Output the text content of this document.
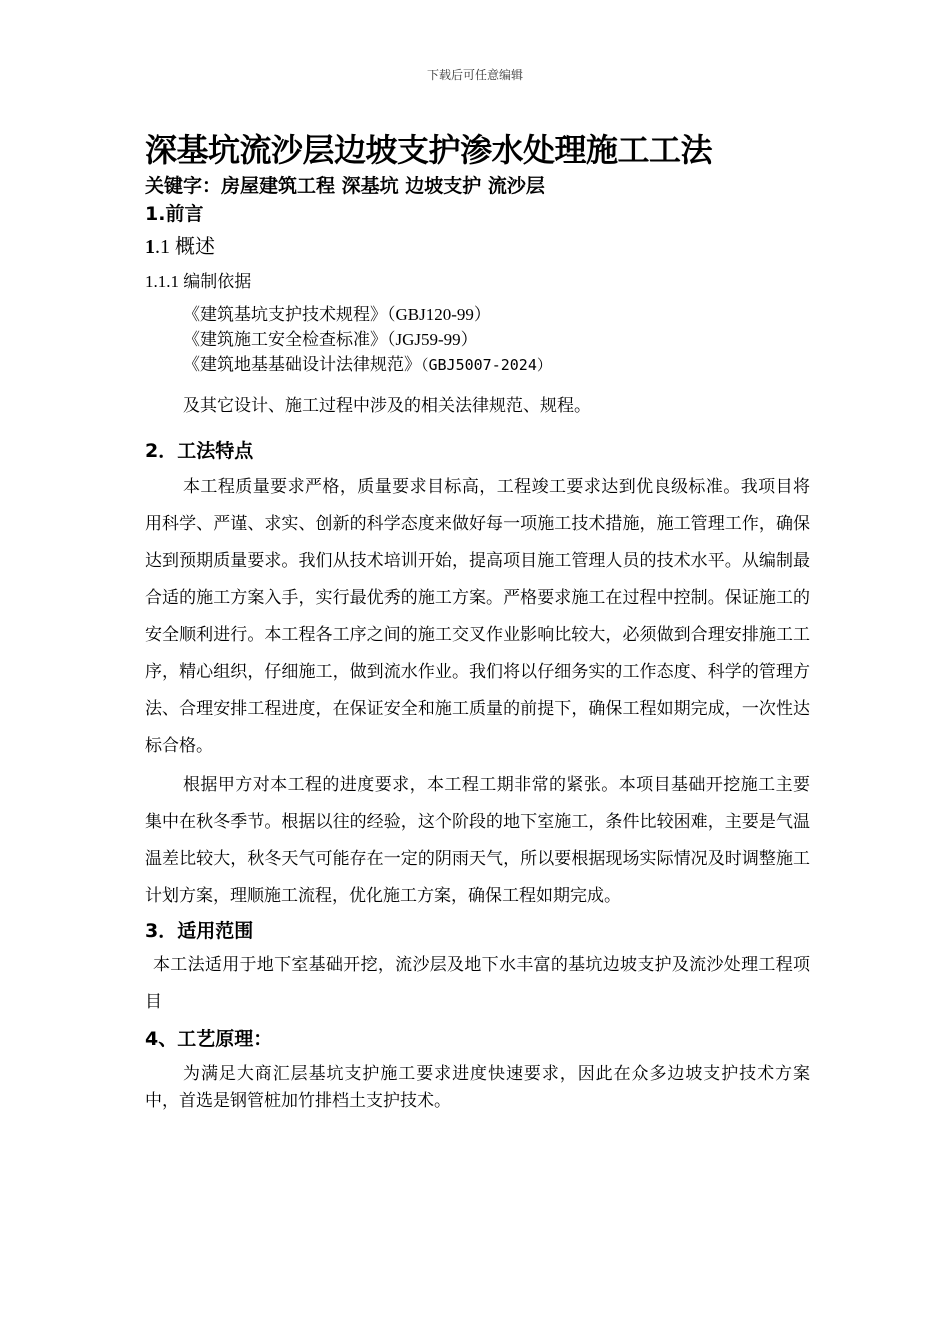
下载后可任意编辑
深基坑流沙层边坡支护渗水处理施工工法
关键字：房屋建筑工程 深基坑 边坡支护 流沙层
1.前言
1.1 概述
1.1.1 编制依据
《建筑基坑支护技术规程》（GBJ120-99）
《建筑施工安全检查标准》（JGJ59-99）
《建筑地基基础设计法律规范》（GBJ5007-2024）

及其它设计、施工过程中涉及的相关法律规范、规程。

2．工法特点

本工程质量要求严格，质量要求目标高，工程竣工要求达到优良级标准。我项目将用科学、严谨、求实、创新的科学态度来做好每一项施工技术措施，施工管理工作，确保达到预期质量要求。我们从技术培训开始，提高项目施工管理人员的技术水平。从编制最合适的施工方案入手，实行最优秀的施工方案。严格要求施工在过程中控制。保证施工的安全顺利进行。本工程各工序之间的施工交叉作业影响比较大，必须做到合理安排施工工序，精心组织，仔细施工，做到流水作业。我们将以仔细务实的工作态度、科学的管理方法、合理安排工程进度，在保证安全和施工质量的前提下，确保工程如期完成，一次性达标合格。

根据甲方对本工程的进度要求，本工程工期非常的紧张。本项目基础开挖施工主要集中在秋冬季节。根据以往的经验，这个阶段的地下室施工，条件比较困难，主要是气温温差比较大，秋冬天气可能存在一定的阴雨天气，所以要根据现场实际情况及时调整施工计划方案，理顺施工流程，优化施工方案，确保工程如期完成。

3．适用范围

本工法适用于地下室基础开挖，流沙层及地下水丰富的基坑边坡支护及流沙处理工程项目

4、工艺原理：

为满足大商汇层基坑支护施工要求进度快速要求，因此在众多边坡支护技术方案中，首选是钢管桩加竹排档土支护技术。
